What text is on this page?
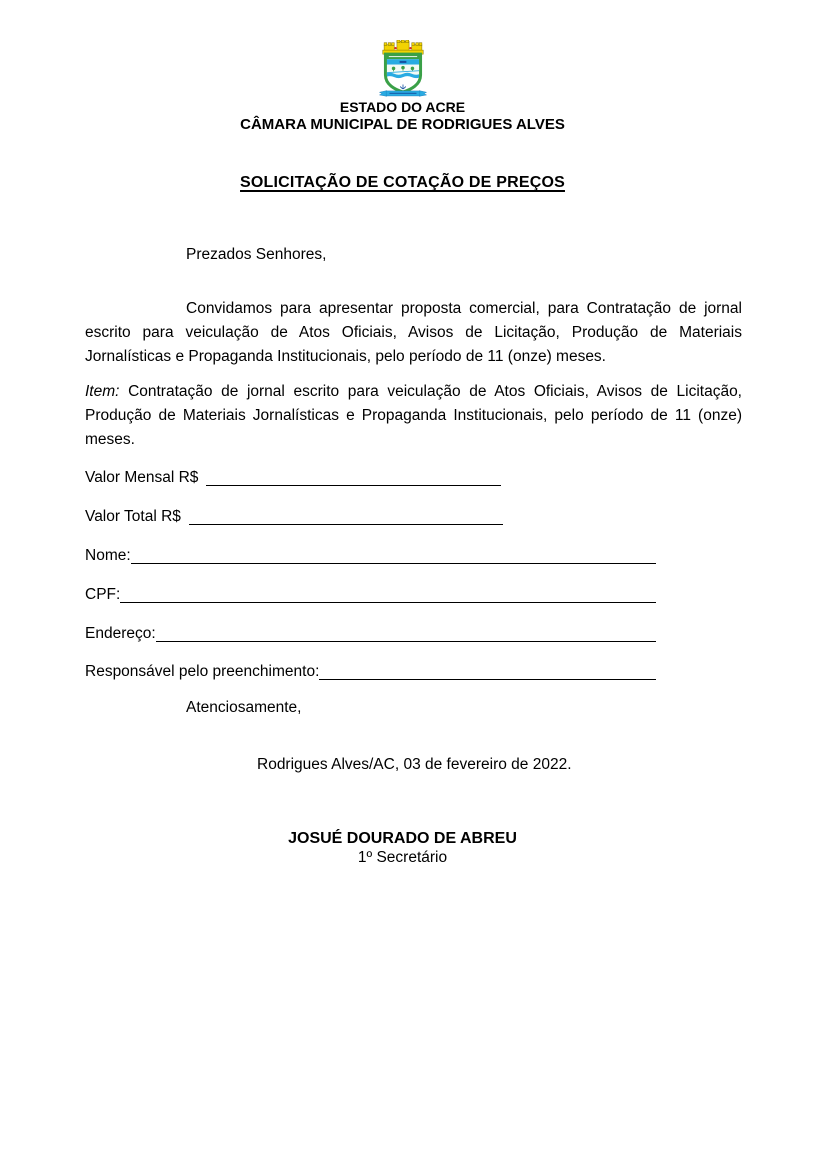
ESTADO DO ACRE
CÂMARA MUNICIPAL DE RODRIGUES ALVES
SOLICITAÇÃO DE COTAÇÃO DE PREÇOS

Prezados Senhores,

Convidamos para apresentar proposta comercial, para Contratação de jornal escrito para veiculação de Atos Oficiais, Avisos de Licitação, Produção de Materiais Jornalísticas e Propaganda Institucionais, pelo período de 11 (onze) meses.

Item: Contratação de jornal escrito para veiculação de Atos Oficiais, Avisos de Licitação, Produção de Materiais Jornalísticas e Propaganda Institucionais, pelo período de 11 (onze) meses.

Valor Mensal R$
Valor Total R$
Nome:
CPF:
Endereço:
Responsável pelo preenchimento:

Atenciosamente,

Rodrigues Alves/AC, 03 de fevereiro de 2022.

JOSUÉ DOURADO DE ABREU
1º Secretário
